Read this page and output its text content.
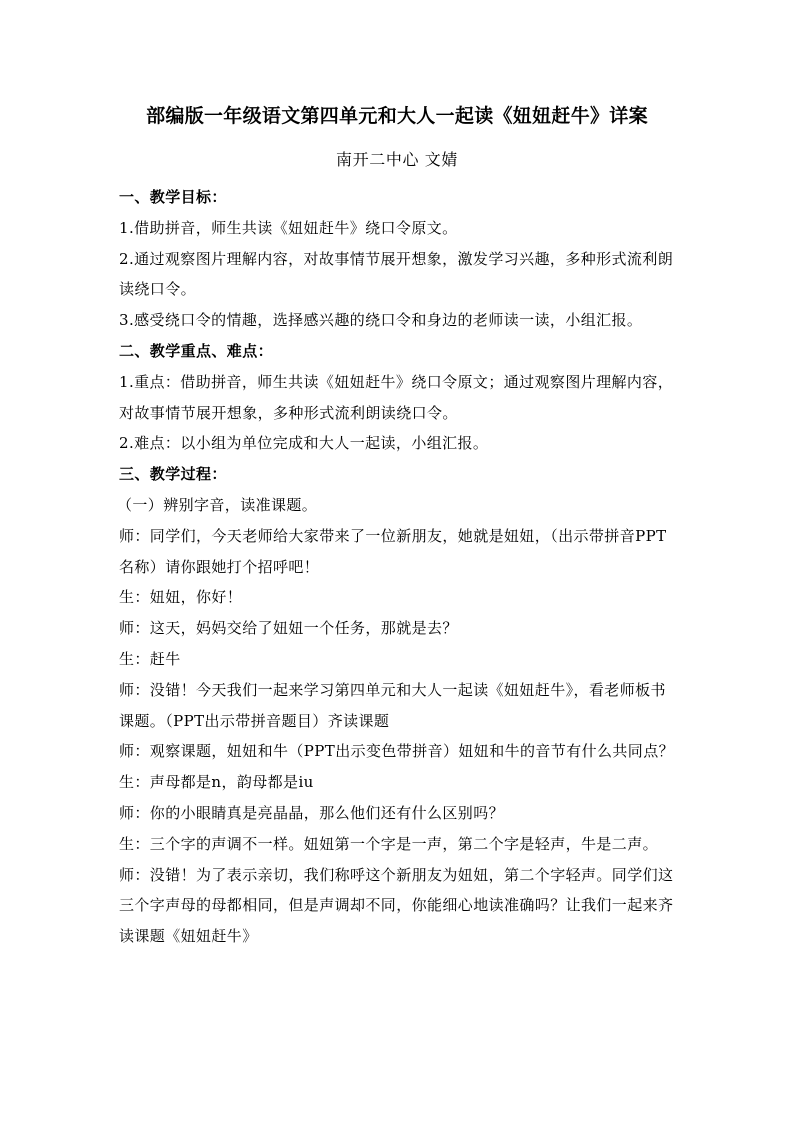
部编版一年级语文第四单元和大人一起读《妞妞赶牛》详案
南开二中心 文婧

一、教学目标：

1.借助拼音，师生共读《妞妞赶牛》绕口令原文。

2.通过观察图片理解内容，对故事情节展开想象，激发学习兴趣，多种形式流利朗读绕口令。

3.感受绕口令的情趣，选择感兴趣的绕口令和身边的老师读一读，小组汇报。

二、教学重点、难点：

1.重点：借助拼音，师生共读《妞妞赶牛》绕口令原文；通过观察图片理解内容，对故事情节展开想象，多种形式流利朗读绕口令。

2.难点：以小组为单位完成和大人一起读，小组汇报。

三、教学过程：

（一）辨别字音，读准课题。

师：同学们，今天老师给大家带来了一位新朋友，她就是妞妞，（出示带拼音PPT名称）请你跟她打个招呼吧！

生：妞妞，你好！

师：这天，妈妈交给了妞妞一个任务，那就是去？

生：赶牛

师：没错！今天我们一起来学习第四单元和大人一起读《妞妞赶牛》，看老师板书课题。（PPT出示带拼音题目）齐读课题

师：观察课题，妞妞和牛（PPT出示变色带拼音）妞妞和牛的音节有什么共同点？

生：声母都是n，韵母都是iu

师：你的小眼睛真是亮晶晶，那么他们还有什么区别吗？

生：三个字的声调不一样。妞妞第一个字是一声，第二个字是轻声，牛是二声。

师：没错！为了表示亲切，我们称呼这个新朋友为妞妞，第二个字轻声。同学们这三个字声母的母都相同，但是声调却不同，你能细心地读准确吗？让我们一起来齐读课题《妞妞赶牛》
